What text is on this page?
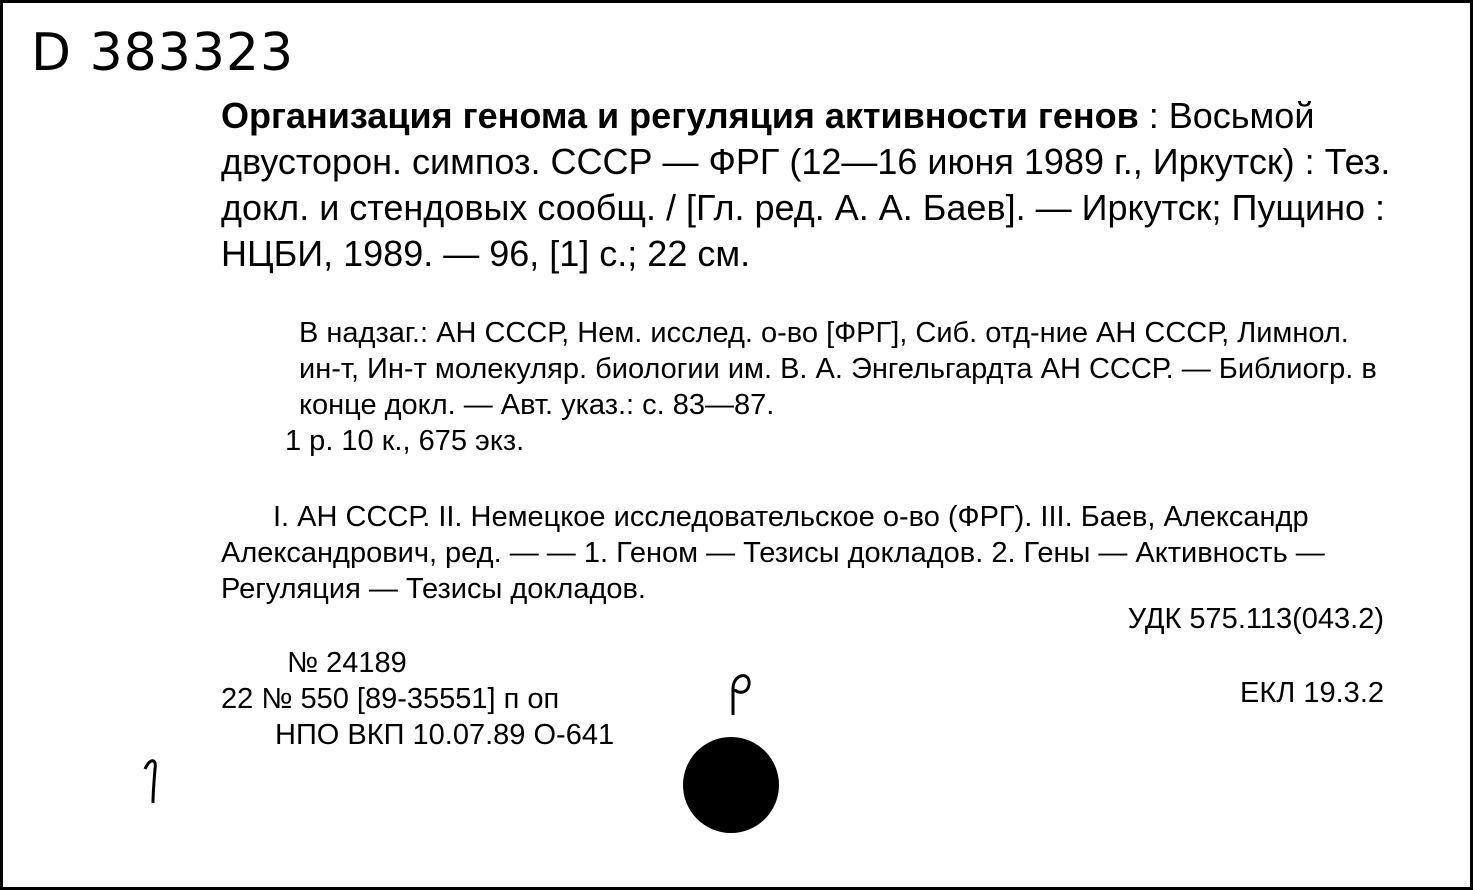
D 383323
Организация генома и регуляция активности генов : Восьмой двусторон. симпоз. СССР — ФРГ (12—16 июня 1989 г., Иркутск) : Тез. докл. и стендовых сообщ. / [Гл. ред. А. А. Баев]. — Иркутск; Пущино : НЦБИ, 1989. — 96, [1] с.; 22 см.

В надзаг.: АН СССР, Нем. исслед. о-во [ФРГ], Сиб. отд-ние АН СССР, Лимнол. ин-т, Ин-т молекуляр. биологии им. В. А. Энгельгардта АН СССР. — Библиогр. в конце докл. — Авт. указ.: с. 83—87.

1 р. 10 к., 675 экз.

I. АН СССР. II. Немецкое исследовательское о-во (ФРГ). III. Баев, Александр Александрович, ред. — — 1. Геном — Тезисы докладов. 2. Гены — Активность — Регуляция — Тезисы докладов.
УДК 575.113(043.2)
№ 24189
22 № 550 [89-35551] п оп
НПО ВКП 10.07.89 О-641
ЕКЛ 19.3.2
